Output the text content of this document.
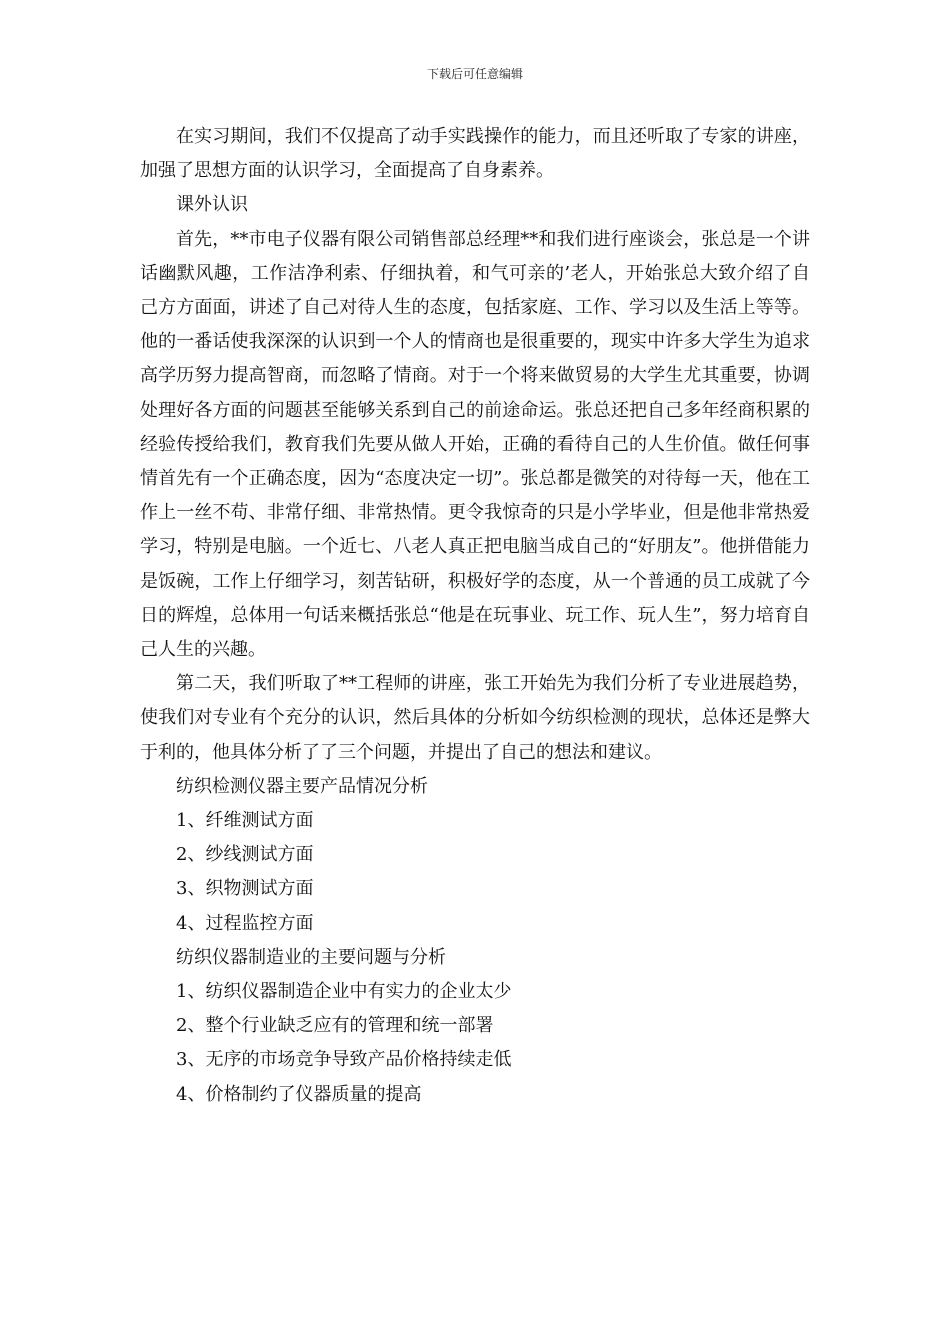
下载后可任意编辑

在实习期间，我们不仅提高了动手实践操作的能力，而且还听取了专家的讲座，加强了思想方面的认识学习，全面提高了自身素养。

课外认识

首先，**市电子仪器有限公司销售部总经理**和我们进行座谈会，张总是一个讲话幽默风趣，工作洁净利索、仔细执着，和气可亲的’老人，开始张总大致介绍了自己方方面面，讲述了自己对待人生的态度，包括家庭、工作、学习以及生活上等等。他的一番话使我深深的认识到一个人的情商也是很重要的，现实中许多大学生为追求高学历努力提高智商，而忽略了情商。对于一个将来做贸易的大学生尤其重要，协调处理好各方面的问题甚至能够关系到自己的前途命运。张总还把自己多年经商积累的经验传授给我们，教育我们先要从做人开始，正确的看待自己的人生价值。做任何事情首先有一个正确态度，因为“态度决定一切”。张总都是微笑的对待每一天，他在工作上一丝不苟、非常仔细、非常热情。更令我惊奇的只是小学毕业，但是他非常热爱学习，特别是电脑。一个近七、八老人真正把电脑当成自己的“好朋友”。他拼借能力是饭碗，工作上仔细学习，刻苦钻研，积极好学的态度，从一个普通的员工成就了今日的辉煌，总体用一句话来概括张总“他是在玩事业、玩工作、玩人生”，努力培育自己人生的兴趣。

第二天，我们听取了**工程师的讲座，张工开始先为我们分析了专业进展趋势，使我们对专业有个充分的认识，然后具体的分析如今纺织检测的现状，总体还是弊大于利的，他具体分析了了三个问题，并提出了自己的想法和建议。

纺织检测仪器主要产品情况分析

1、纤维测试方面

2、纱线测试方面

3、织物测试方面

4、过程监控方面

纺织仪器制造业的主要问题与分析

1、纺织仪器制造企业中有实力的企业太少

2、整个行业缺乏应有的管理和统一部署

3、无序的市场竞争导致产品价格持续走低

4、价格制约了仪器质量的提高
